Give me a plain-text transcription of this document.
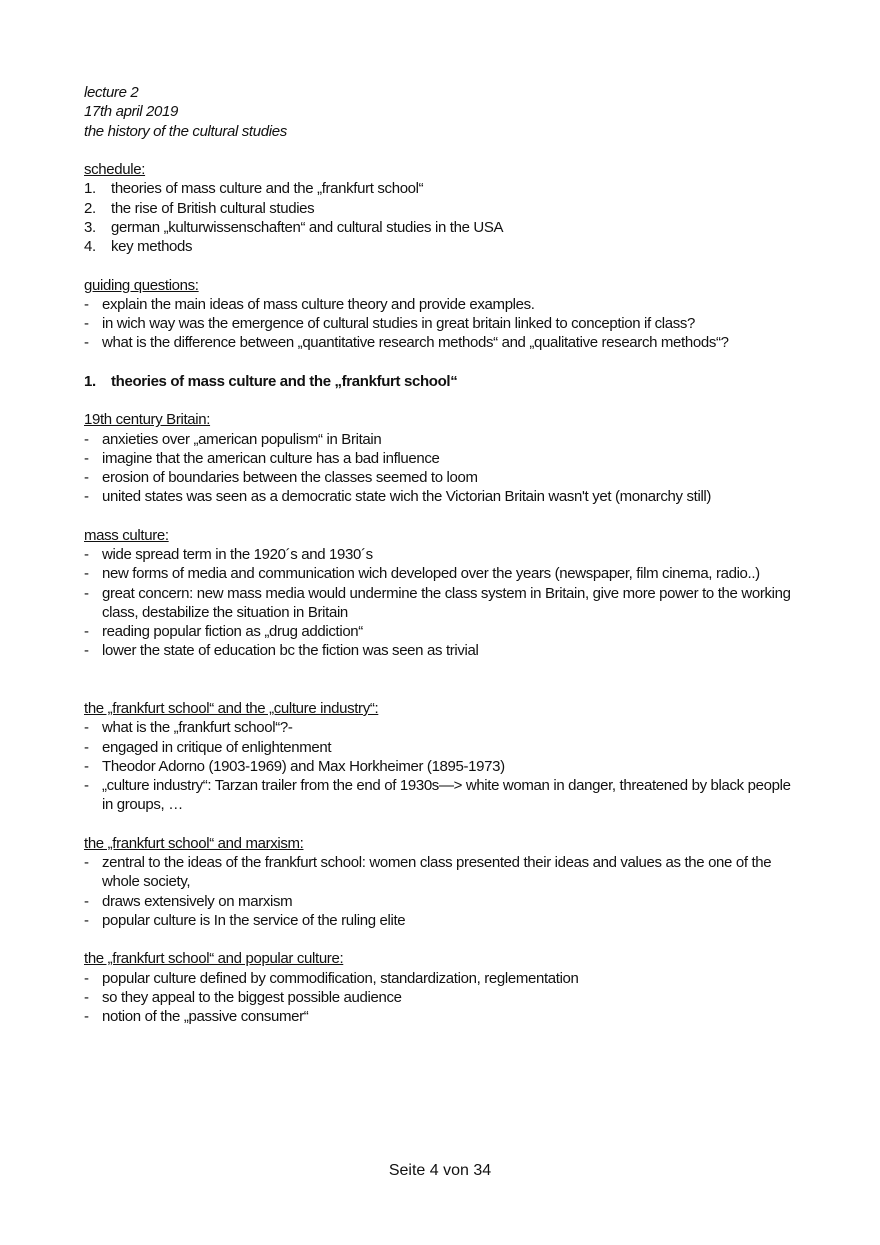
lecture 2
17th april 2019
the history of the cultural studies
schedule:
1.	theories of mass culture and the „frankfurt school“
2.	the rise of British cultural studies
3.	german „kulturwissenschaften“ and cultural studies in the USA
4.	key methods
guiding questions:
- explain the main ideas of mass culture theory and provide examples.
- in wich way was the emergence of cultural studies in great britain linked to conception if class?
- what is the difference between „quantitative research methods“ and „qualitative research methods“?
1.	theories of mass culture and the „frankfurt school“
19th century Britain:
- anxieties over „american populism“ in Britain
- imagine that the american culture has a bad influence
- erosion of boundaries between the classes seemed to loom
- united states was seen as a democratic state wich the Victorian Britain wasn't yet (monarchy still)
mass culture:
- wide spread term in the 1920´s and 1930´s
- new forms of media and communication wich developed over the years (newspaper, film cinema, radio..)
- great concern: new mass media would undermine the class system in Britain, give more power to the working class, destabilize the situation in Britain
- reading popular fiction as „drug addiction“
- lower the state of education bc the fiction was seen as trivial
the „frankfurt school“ and the „culture industry“:
- what is the „frankfurt school“?-
- engaged in critique of enlightenment
- Theodor Adorno (1903-1969) and Max Horkheimer (1895-1973)
- „culture industry“: Tarzan trailer from the end of 1930s—> white woman in danger, threatened by black people in groups, …
the „frankfurt school“ and marxism:
- zentral to the ideas of the frankfurt school: women class presented their ideas and values as the one of the whole society,
- draws extensively on marxism
- popular culture is In the service of the ruling elite
the „frankfurt school“ and popular culture:
- popular culture defined by commodification, standardization, reglementation
- so they appeal to the biggest possible audience
- notion of the „passive consumer“
Seite 4 von 34
